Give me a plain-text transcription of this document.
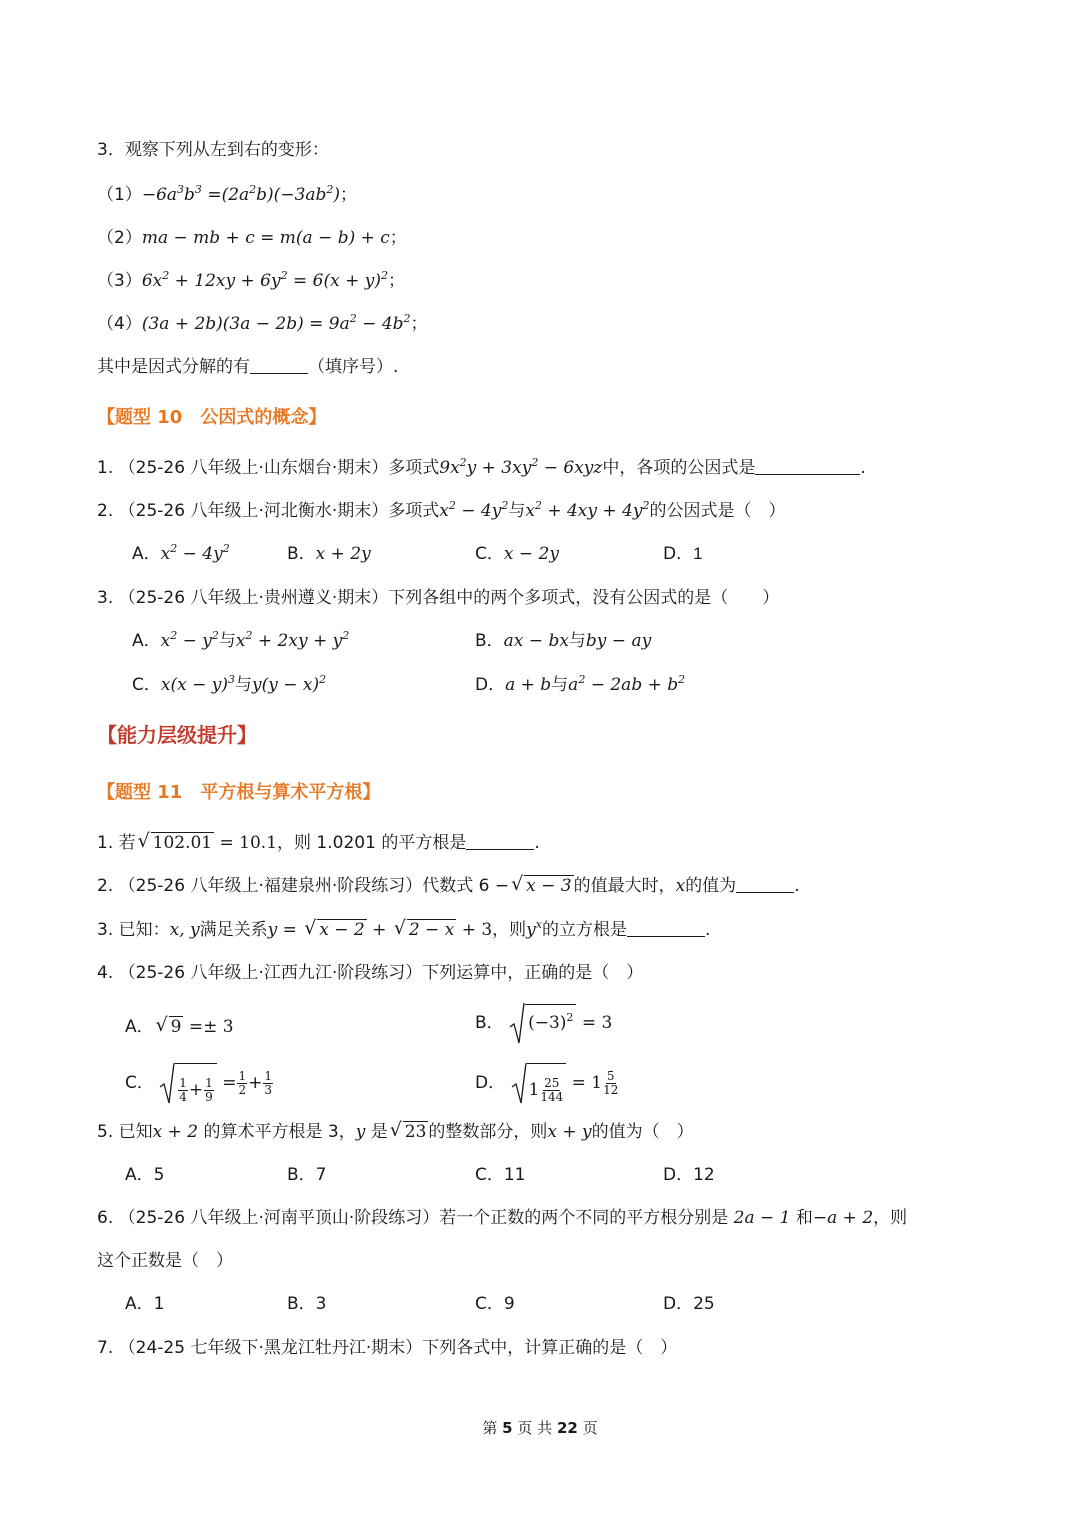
3．观察下列从左到右的变形：
$(1)-6a^3b^3 =(2a^2b)(-3ab^2)$；
（2）ma − mb + c = m(a − b) + c；
$(3)6x^2 + 12xy + 6y^2 = 6(x + y)^2$；
$(4)(3a + 2b)(3a - 2b) = 9a^2 - 4b^2$；
其中是因式分解的有	（填序号）.
【题型 10　公因式的概念】
1. （25-26 八年级上·山东烟台·期末）多项式$9x^2y + 3xy^2 - 6xyz$中，各项的公因式是	.
2. （25-26 八年级上·河北衡水·期末）多项式$x^2 - 4y^2$与$x^2 + 4xy + 4y^2$的公因式是（　）
A．$x^2 - 4y^2$	B．x + 2y	C．x − 2y	D．1
3. （25-26 八年级上·贵州遵义·期末）下列各组中的两个多项式，没有公因式的是（　　）
A．$x^2 - y^2$与$x^2 + 2xy + y^2$	B．ax − bx与by − ay
C．$x(x - y)^3$与$y(y - x)^2$	D．a + b与$a^2 - 2ab + b^2$
【能力层级提升】
【题型 11　平方根与算术平方根】
1. 若 √ 102.01 = 10.1，则 1.0201 的平方根是	.
2. （25-26 八年级上·福建泉州·阶段练习）代数式 6 − √ x − 3 的值最大时，x的值为	.
3. 已知：x, y满足关系y = √ x − 2 + √ 2 − x + 3，则$y^x$的立方根是	.
4. （25-26 八年级上·江西九江·阶段练习）下列运算中，正确的是（　）
A． √ 9 =± 3	B． $(-3)^2 = 3$
C． $\frac{1}{4} + \frac{1}{9} = \frac{1}{2} + \frac{1}{3}$	D． $1 \frac{25}{144} = 1 \frac{5}{12}$
5. 已知x + 2 的算术平方根是 3，y 是 √ 23 的整数部分，则x + y的值为（　）
A．5	B．7	C．11	D．12
6. （25-26 八年级上·河南平顶山·阶段练习）若一个正数的两个不同的平方根分别是 2a − 1 和−a + 2，则
这个正数是（　）
A．1	B．3	C．9	D．25
7. （24-25 七年级下·黑龙江牡丹江·期末）下列各式中，计算正确的是（　）
第 5 页 共 22 页
